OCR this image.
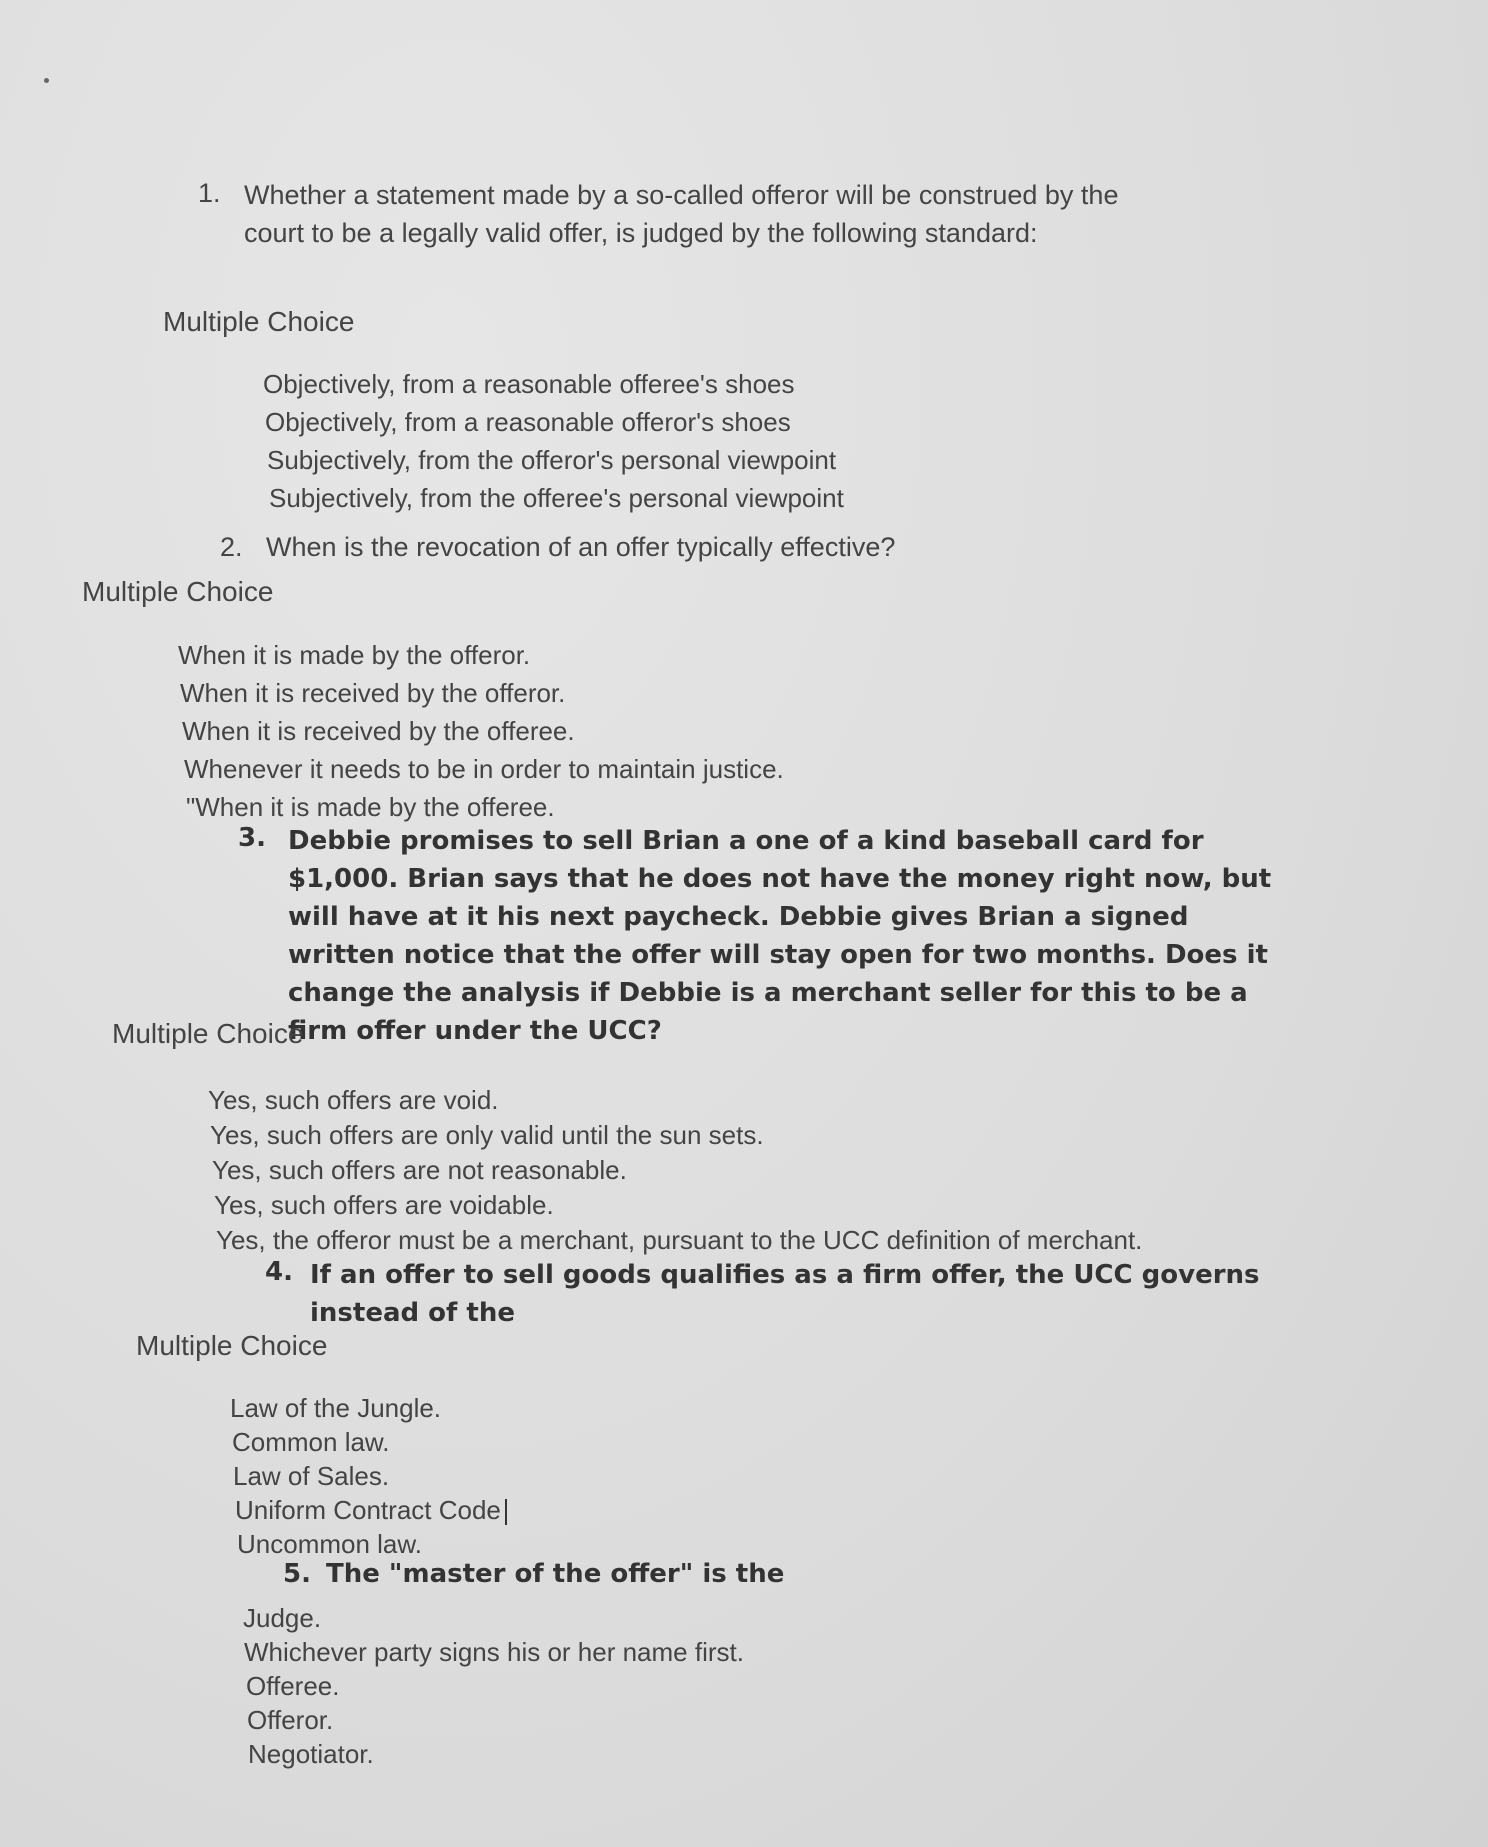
1. Whether a statement made by a so-called offeror will be construed by the court to be a legally valid offer, is judged by the following standard:
Multiple Choice
Objectively, from a reasonable offeree's shoes
Objectively, from a reasonable offeror's shoes
Subjectively, from the offeror's personal viewpoint
Subjectively, from the offeree's personal viewpoint
2. When is the revocation of an offer typically effective?
Multiple Choice
When it is made by the offeror.
When it is received by the offeror.
When it is received by the offeree.
Whenever it needs to be in order to maintain justice.
"When it is made by the offeree.
3. Debbie promises to sell Brian a one of a kind baseball card for $1,000. Brian says that he does not have the money right now, but will have at it his next paycheck. Debbie gives Brian a signed written notice that the offer will stay open for two months. Does it change the analysis if Debbie is a merchant seller for this to be a firm offer under the UCC?
Multiple Choice
Yes, such offers are void.
Yes, such offers are only valid until the sun sets.
Yes, such offers are not reasonable.
Yes, such offers are voidable.
Yes, the offeror must be a merchant, pursuant to the UCC definition of merchant.
4. If an offer to sell goods qualifies as a firm offer, the UCC governs instead of the
Multiple Choice
Law of the Jungle.
Common law.
Law of Sales.
Uniform Contract Code
Uncommon law.
5. The "master of the offer" is the
Judge.
Whichever party signs his or her name first.
Offeree.
Offeror.
Negotiator.
